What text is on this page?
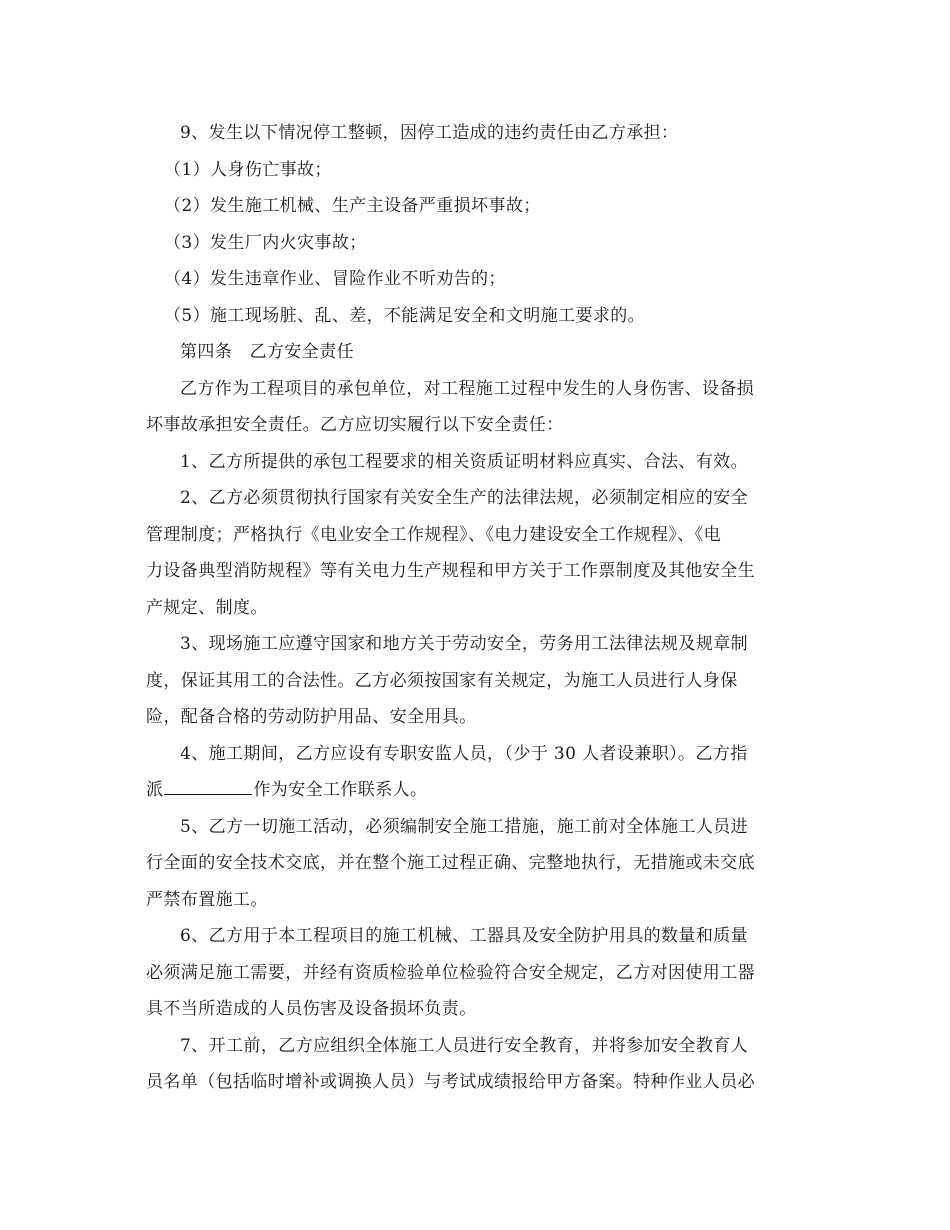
9、发生以下情况停工整顿，因停工造成的违约责任由乙方承担：
（1）人身伤亡事故；
（2）发生施工机械、生产主设备严重损坏事故；
（3）发生厂内火灾事故；
（4）发生违章作业、冒险作业不听劝告的；
（5）施工现场脏、乱、差，不能满足安全和文明施工要求的。
第四条　乙方安全责任
乙方作为工程项目的承包单位，对工程施工过程中发生的人身伤害、设备损
坏事故承担安全责任。乙方应切实履行以下安全责任：
1、乙方所提供的承包工程要求的相关资质证明材料应真实、合法、有效。
2、乙方必须贯彻执行国家有关安全生产的法律法规，必须制定相应的安全
管理制度；严格执行《电业安全工作规程》、《电力建设安全工作规程》、《电
力设备典型消防规程》等有关电力生产规程和甲方关于工作票制度及其他安全生
产规定、制度。
3、现场施工应遵守国家和地方关于劳动安全，劳务用工法律法规及规章制
度，保证其用工的合法性。乙方必须按国家有关规定，为施工人员进行人身保
险，配备合格的劳动防护用品、安全用具。
4、施工期间，乙方应设有专职安监人员，（少于 30 人者设兼职）。乙方指
派	作为安全工作联系人。
5、乙方一切施工活动，必须编制安全施工措施，施工前对全体施工人员进
行全面的安全技术交底，并在整个施工过程正确、完整地执行，无措施或未交底
严禁布置施工。
6、乙方用于本工程项目的施工机械、工器具及安全防护用具的数量和质量
必须满足施工需要，并经有资质检验单位检验符合安全规定，乙方对因使用工器
具不当所造成的人员伤害及设备损坏负责。
7、开工前，乙方应组织全体施工人员进行安全教育，并将参加安全教育人
员名单（包括临时增补或调换人员）与考试成绩报给甲方备案。特种作业人员必
